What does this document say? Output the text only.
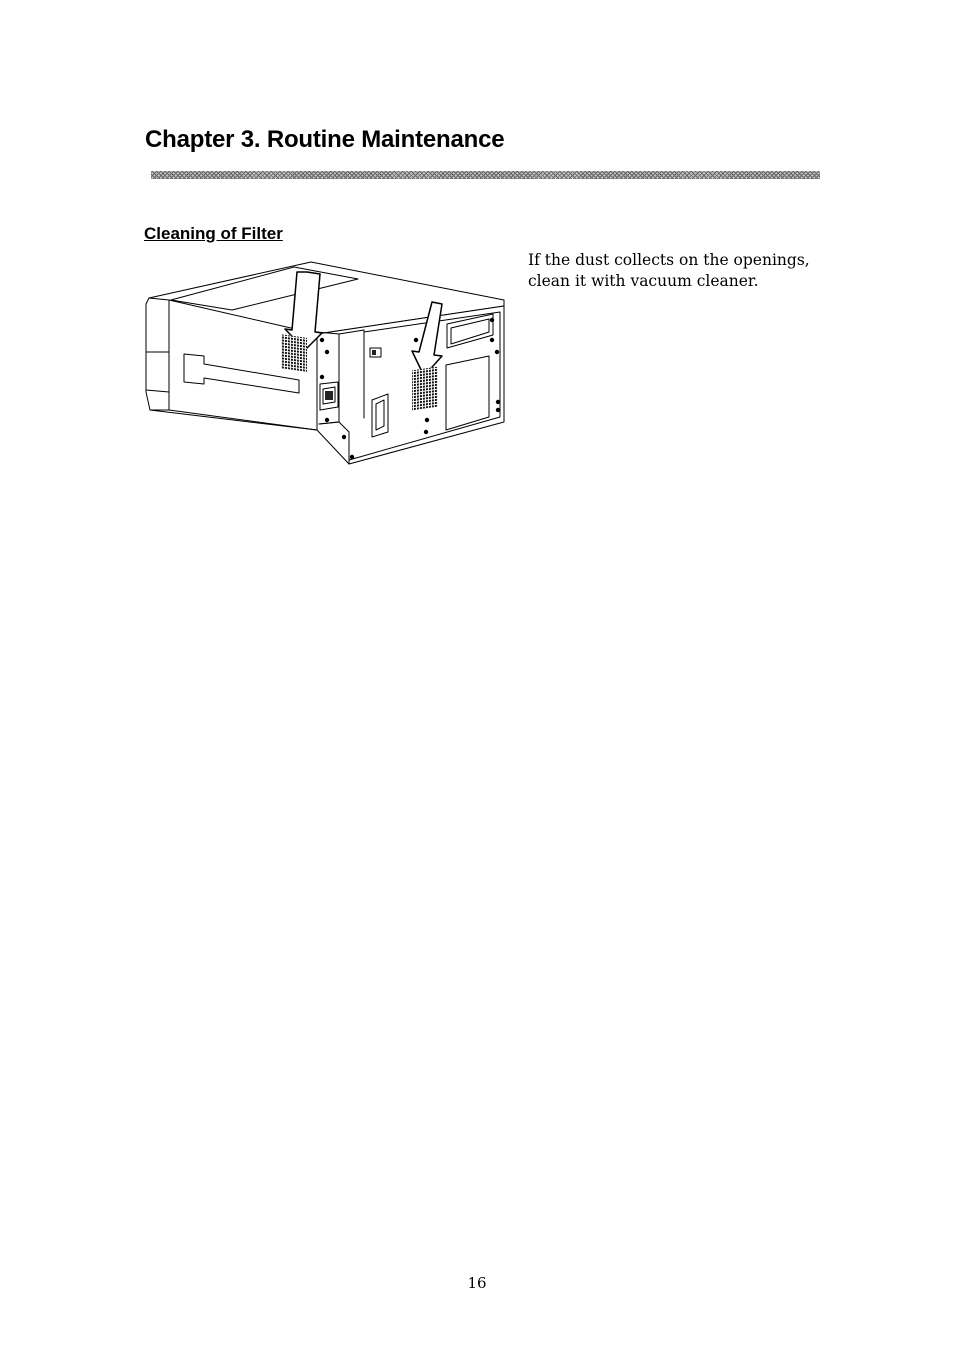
Chapter 3. Routine Maintenance
Cleaning of Filter

If the dust collects on the openings, clean it with vacuum cleaner.

16
